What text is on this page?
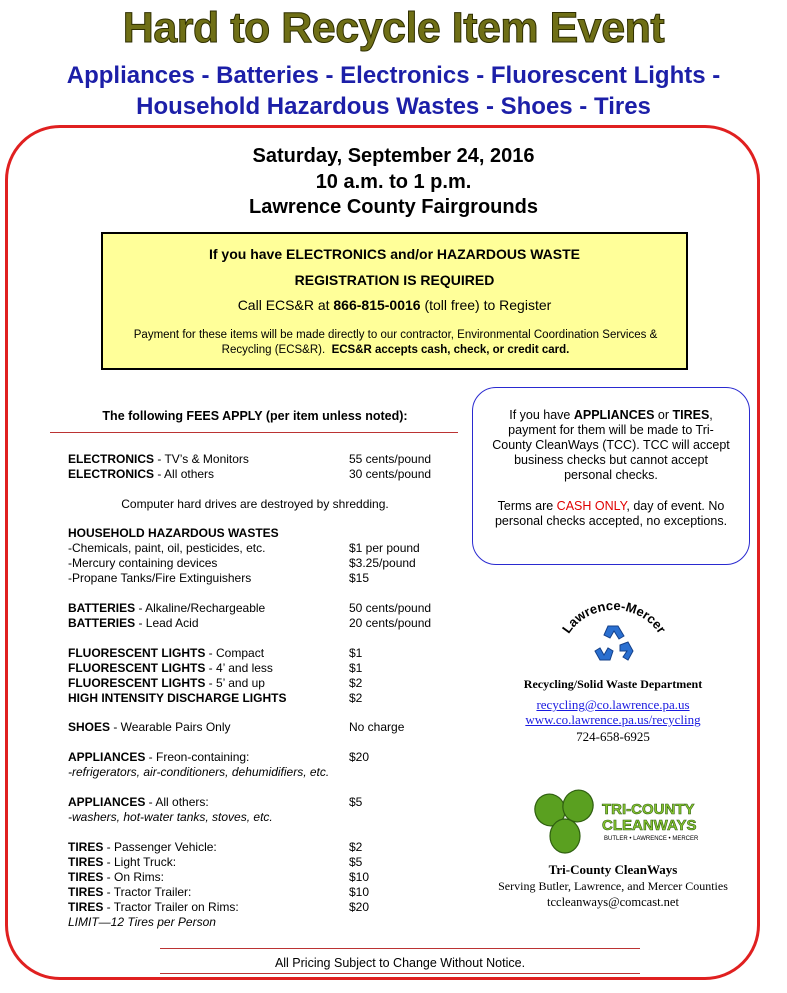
Hard to Recycle Item Event
Appliances - Batteries - Electronics - Fluorescent Lights -
Household Hazardous Wastes - Shoes - Tires
Saturday, September 24, 2016
10 a.m. to 1 p.m.
Lawrence County Fairgrounds
If you have ELECTRONICS and/or HAZARDOUS WASTE
REGISTRATION IS REQUIRED
Call ECS&R at 866-815-0016 (toll free) to Register
Payment for these items will be made directly to our contractor, Environmental Coordination Services & Recycling (ECS&R). ECS&R accepts cash, check, or credit card.
The following FEES APPLY (per item unless noted):
ELECTRONICS - TV’s & Monitors	55 cents/pound
ELECTRONICS - All others	30 cents/pound
Computer hard drives are destroyed by shredding.
HOUSEHOLD HAZARDOUS WASTES
-Chemicals, paint, oil, pesticides, etc.	$1 per pound
-Mercury containing devices	$3.25/pound
-Propane Tanks/Fire Extinguishers	$15
BATTERIES - Alkaline/Rechargeable	50 cents/pound
BATTERIES - Lead Acid	20 cents/pound
FLUORESCENT LIGHTS - Compact	$1
FLUORESCENT LIGHTS - 4’ and less	$1
FLUORESCENT LIGHTS - 5’ and up	$2
HIGH INTENSITY DISCHARGE LIGHTS	$2
SHOES - Wearable Pairs Only	No charge
APPLIANCES - Freon-containing:	$20
-refrigerators, air-conditioners, dehumidifiers, etc.
APPLIANCES - All others:	$5
-washers, hot-water tanks, stoves, etc.
TIRES - Passenger Vehicle:	$2
TIRES - Light Truck:	$5
TIRES - On Rims:	$10
TIRES - Tractor Trailer:	$10
TIRES - Tractor Trailer on Rims:	$20
LIMIT—12 Tires per Person
If you have APPLIANCES or TIRES, payment for them will be made to Tri-County CleanWays (TCC). TCC will accept business checks but cannot accept personal checks.
Terms are CASH ONLY, day of event. No personal checks accepted, no exceptions.
Lawrence-Mercer
Recycling/Solid Waste Department
recycling@co.lawrence.pa.us
www.co.lawrence.pa.us/recycling
724-658-6925
TRI-COUNTY
CLEANWAYS
BUTLER • LAWRENCE • MERCER
Tri-County CleanWays
Serving Butler, Lawrence, and Mercer Counties
tccleanways@comcast.net
All Pricing Subject to Change Without Notice.
